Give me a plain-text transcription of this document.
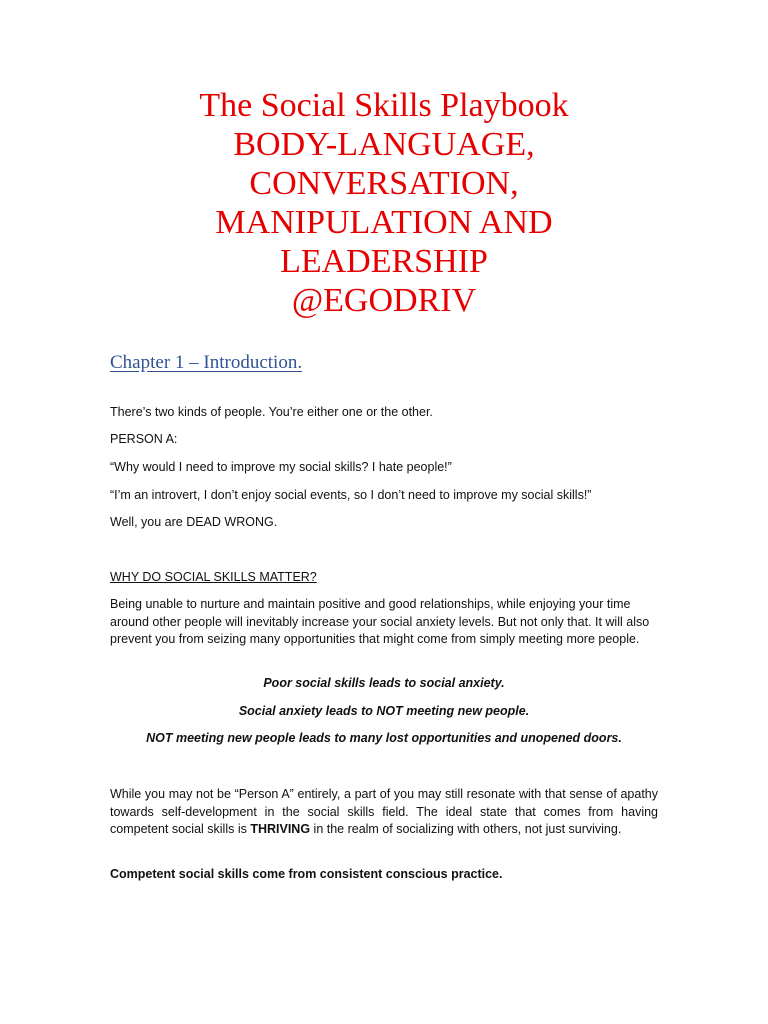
The Social Skills Playbook
BODY-LANGUAGE,
CONVERSATION,
MANIPULATION AND
LEADERSHIP
@EGODRIV
Chapter 1 – Introduction.
There’s two kinds of people. You’re either one or the other.
PERSON A:
“Why would I need to improve my social skills? I hate people!”
“I’m an introvert, I don’t enjoy social events, so I don’t need to improve my social skills!”
Well, you are DEAD WRONG.
WHY DO SOCIAL SKILLS MATTER?
Being unable to nurture and maintain positive and good relationships, while enjoying your time around other people will inevitably increase your social anxiety levels. But not only that. It will also prevent you from seizing many opportunities that might come from simply meeting more people.
Poor social skills leads to social anxiety.
Social anxiety leads to NOT meeting new people.
NOT meeting new people leads to many lost opportunities and unopened doors.
While you may not be “Person A” entirely, a part of you may still resonate with that sense of apathy towards self-development in the social skills field. The ideal state that comes from having competent social skills is THRIVING in the realm of socializing with others, not just surviving.
Competent social skills come from consistent conscious practice.
